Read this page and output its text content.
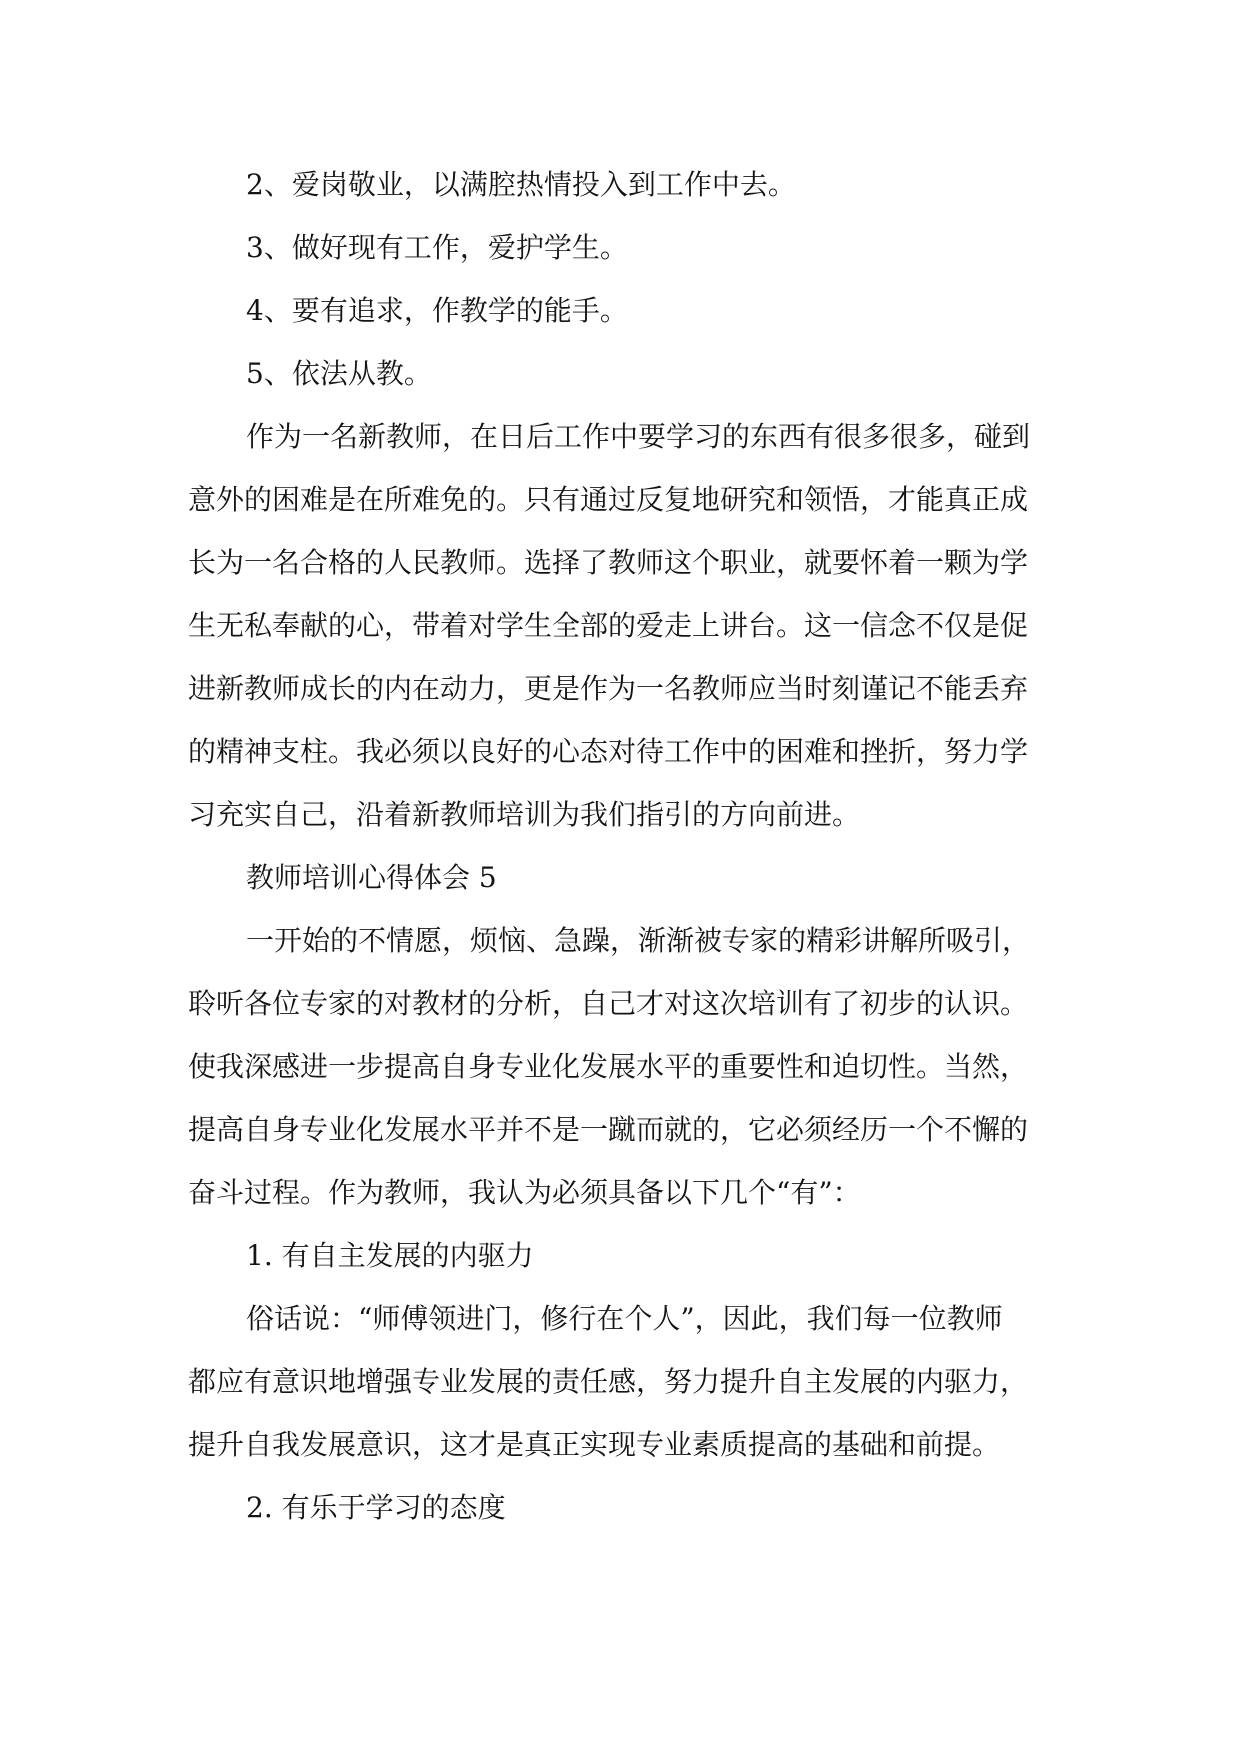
2、爱岗敬业，以满腔热情投入到工作中去。

3、做好现有工作，爱护学生。

4、要有追求，作教学的能手。

5、依法从教。

作为一名新教师，在日后工作中要学习的东西有很多很多，碰到

意外的困难是在所难免的。只有通过反复地研究和领悟，才能真正成

长为一名合格的人民教师。选择了教师这个职业，就要怀着一颗为学

生无私奉献的心，带着对学生全部的爱走上讲台。这一信念不仅是促

进新教师成长的内在动力，更是作为一名教师应当时刻谨记不能丢弃

的精神支柱。我必须以良好的心态对待工作中的困难和挫折，努力学

习充实自己，沿着新教师培训为我们指引的方向前进。

教师培训心得体会 5

一开始的不情愿，烦恼、急躁，渐渐被专家的精彩讲解所吸引，

聆听各位专家的对教材的分析，自己才对这次培训有了初步的认识。

使我深感进一步提高自身专业化发展水平的重要性和迫切性。当然，

提高自身专业化发展水平并不是一蹴而就的，它必须经历一个不懈的

奋斗过程。作为教师，我认为必须具备以下几个“有”：

1. 有自主发展的内驱力

俗话说：“师傅领进门，修行在个人”，因此，我们每一位教师

都应有意识地增强专业发展的责任感，努力提升自主发展的内驱力，

提升自我发展意识，这才是真正实现专业素质提高的基础和前提。

2. 有乐于学习的态度
